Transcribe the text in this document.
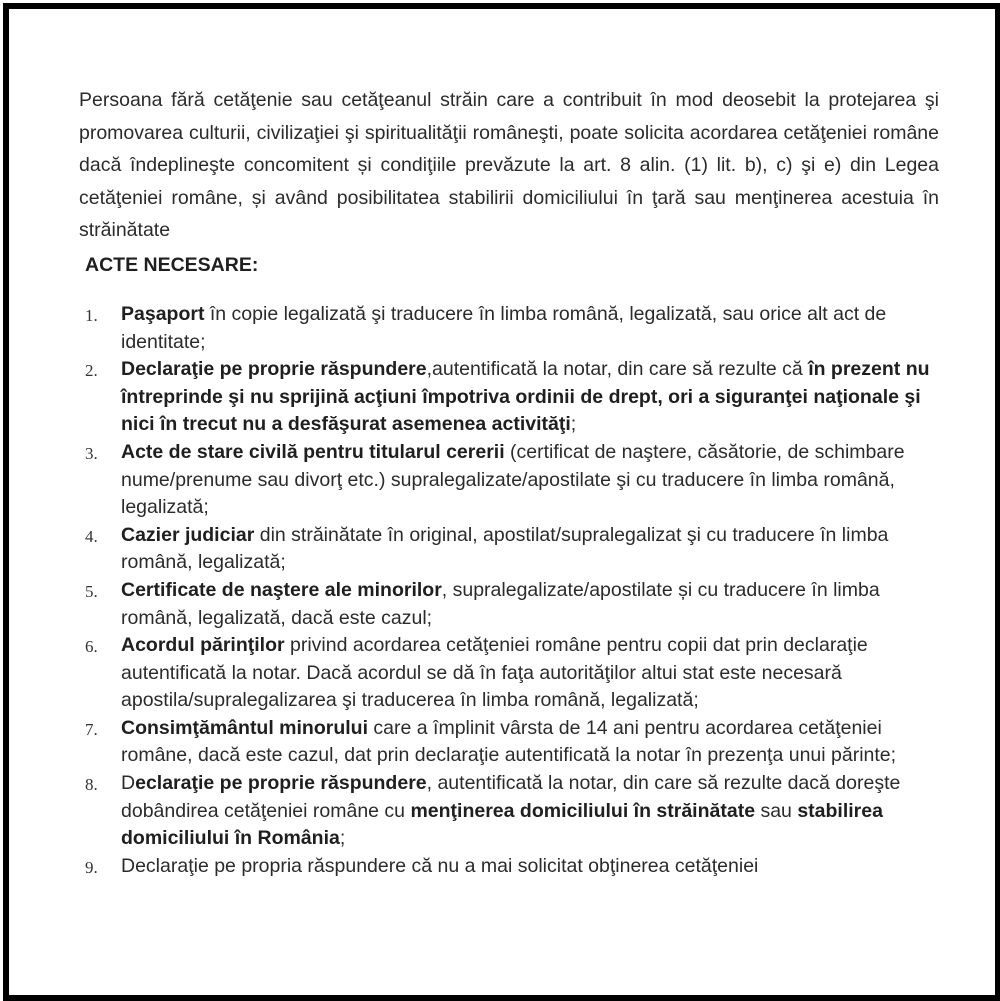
Persoana fără cetăţenie sau cetăţeanul străin care a contribuit în mod deosebit la protejarea şi promovarea culturii, civilizaţiei şi spiritualităţii româneşti, poate solicita acordarea cetăţeniei române dacă îndeplineşte concomitent și condiţiile prevăzute la art. 8 alin. (1) lit. b), c) şi e) din Legea cetăţeniei române, și având posibilitatea stabilirii domiciliului în ţară sau menţinerea acestuia în străinătate

ACTE NECESARE:
1. Paşaport în copie legalizată şi traducere în limba română, legalizată, sau orice alt act de identitate;
2. Declaraţie pe proprie răspundere,autentificată la notar, din care să rezulte că în prezent nu întreprinde şi nu sprijină acţiuni împotriva ordinii de drept, ori a siguranţei naţionale şi nici în trecut nu a desfăşurat asemenea activităţi;
3. Acte de stare civilă pentru titularul cererii (certificat de naştere, căsătorie, de schimbare nume/prenume sau divorţ etc.) supralegalizate/apostilate şi cu traducere în limba română, legalizată;
4. Cazier judiciar din străinătate în original, apostilat/supralegalizat şi cu traducere în limba română, legalizată;
5. Certificate de naştere ale minorilor, supralegalizate/apostilate și cu traducere în limba română, legalizată, dacă este cazul;
6. Acordul părinţilor privind acordarea cetăţeniei române pentru copii dat prin declaraţie autentificată la notar. Dacă acordul se dă în faţa autorităţilor altui stat este necesară apostila/supralegalizarea şi traducerea în limba română, legalizată;
7. Consimţământul minorului care a împlinit vârsta de 14 ani pentru acordarea cetăţeniei române, dacă este cazul, dat prin declaraţie autentificată la notar în prezenţa unui părinte;
8. Declaraţie pe proprie răspundere, autentificată la notar, din care să rezulte dacă doreşte dobândirea cetăţeniei române cu menţinerea domiciliului în străinătate sau stabilirea domiciliului în România;
9. Declaraţie pe propria răspundere că nu a mai solicitat obţinerea cetăţeniei
